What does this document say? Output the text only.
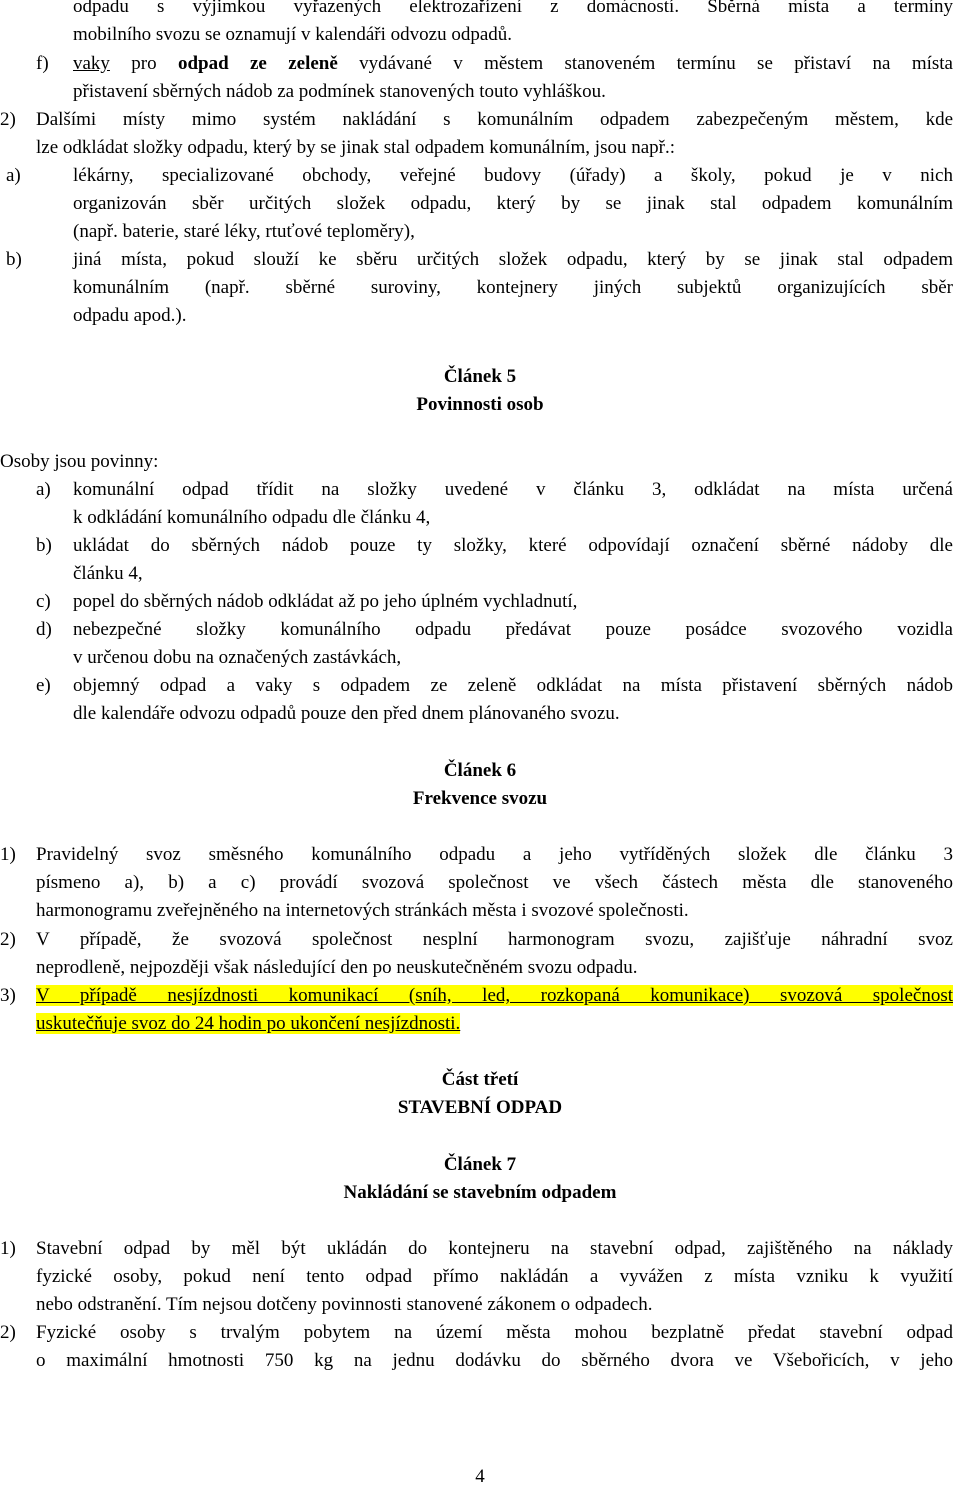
odpadu s výjimkou vyřazených elektrozařízení z domácností. Sběrná místa a termíny
mobilního svozu se oznamují v kalendáři odvozu odpadů.
f) vaky pro odpad ze zeleně vydávané v městem stanoveném termínu se přistaví na místa
přistavení sběrných nádob za podmínek stanovených touto vyhláškou.
2) Dalšími místy mimo systém nakládání s komunálním odpadem zabezpečeným městem, kde
lze odkládat složky odpadu, který by se jinak stal odpadem komunálním, jsou např.:
a)	lékárny, specializované obchody, veřejné budovy (úřady) a školy, pokud je v nich
organizován sběr určitých složek odpadu, který by se jinak stal odpadem komunálním
(např. baterie, staré léky, rtuťové teploměry),
b)	jiná místa, pokud slouží ke sběru určitých složek odpadu, který by se jinak stal odpadem
komunálním (např. sběrné suroviny, kontejnery jiných subjektů organizujících sběr
odpadu apod.).
Článek 5
Povinnosti osob
Osoby jsou povinny:
a) komunální odpad třídit na složky uvedené v článku 3, odkládat na místa určená
k odkládání komunálního odpadu dle článku 4,
b) ukládat do sběrných nádob pouze ty složky, které odpovídají označení sběrné nádoby dle
článku 4,
c) popel do sběrných nádob odkládat až po jeho úplném vychladnutí,
d) nebezpečné složky komunálního odpadu předávat pouze posádce svozového vozidla
v určenou dobu na označených zastávkách,
e) objemný odpad a vaky s odpadem ze zeleně odkládat na místa přistavení sběrných nádob
dle kalendáře odvozu odpadů pouze den před dnem plánovaného svozu.
Článek 6
Frekvence svozu
1) Pravidelný svoz směsného komunálního odpadu a jeho vytříděných složek dle článku 3
písmeno a), b) a c) provádí svozová společnost ve všech částech města dle stanoveného
harmonogramu zveřejněného na internetových stránkách města i svozové společnosti.
2) V případě, že svozová společnost nesplní harmonogram svozu, zajišťuje náhradní svoz
neprodleně, nejpozději však následující den po neuskutečněném svozu odpadu.
3) V případě nesjízdnosti komunikací (sníh, led, rozkopaná komunikace) svozová společnost
uskutečňuje svoz do 24 hodin po ukončení nesjízdnosti.
Část třetí
STAVEBNÍ ODPAD
Článek 7
Nakládání se stavebním odpadem
1) Stavební odpad by měl být ukládán do kontejneru na stavební odpad, zajištěného na náklady
fyzické osoby, pokud není tento odpad přímo nakládán a vyvážen z místa vzniku k využití
nebo odstranění. Tím nejsou dotčeny povinnosti stanovené zákonem o odpadech.
2) Fyzické osoby s trvalým pobytem na území města mohou bezplatně předat stavební odpad
o maximální hmotnosti 750 kg na jednu dodávku do sběrného dvora ve Všebořicích, v jeho
4
